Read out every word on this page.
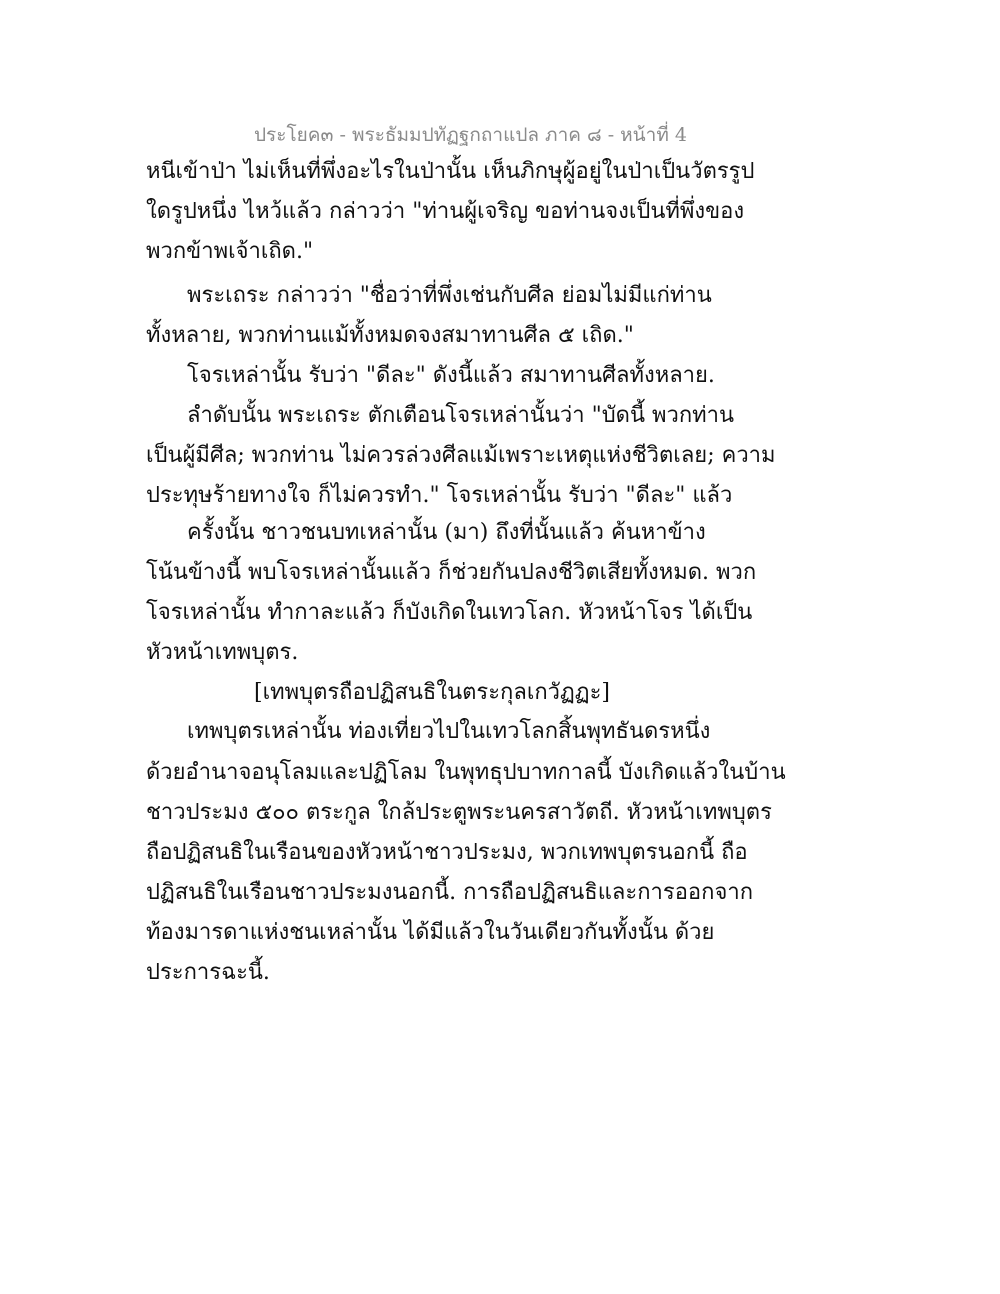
ประโยค๓ - พระธัมมปทัฏฐกถาแปล ภาค ๘ - หน้าที่ 4
หนีเข้าป่า ไม่เห็นที่พึ่งอะไรในป่านั้น เห็นภิกษุผู้อยู่ในป่าเป็นวัตรรูป
ใดรูปหนึ่ง ไหว้แล้ว กล่าวว่า "ท่านผู้เจริญ ขอท่านจงเป็นที่พึ่งของ
พวกข้าพเจ้าเถิด."
พระเถระ กล่าวว่า "ชื่อว่าที่พึ่งเช่นกับศีล ย่อมไม่มีแก่ท่าน
ทั้งหลาย, พวกท่านแม้ทั้งหมดจงสมาทานศีล ๕ เถิด."
โจรเหล่านั้น รับว่า "ดีละ" ดังนี้แล้ว สมาทานศีลทั้งหลาย.
ลำดับนั้น พระเถระ ตักเตือนโจรเหล่านั้นว่า "บัดนี้ พวกท่าน
เป็นผู้มีศีล; พวกท่าน ไม่ควรล่วงศีลแม้เพราะเหตุแห่งชีวิตเลย; ความ
ประทุษร้ายทางใจ ก็ไม่ควรทำ." โจรเหล่านั้น รับว่า "ดีละ" แล้ว
ครั้งนั้น ชาวชนบทเหล่านั้น (มา) ถึงที่นั้นแล้ว ค้นหาข้าง
โน้นข้างนี้ พบโจรเหล่านั้นแล้ว ก็ช่วยกันปลงชีวิตเสียทั้งหมด. พวก
โจรเหล่านั้น ทำกาละแล้ว ก็บังเกิดในเทวโลก. หัวหน้าโจร ได้เป็น
หัวหน้าเทพบุตร.
[เทพบุตรถือปฏิสนธิในตระกุลเกวัฏฏะ]
เทพบุตรเหล่านั้น ท่องเที่ยวไปในเทวโลกสิ้นพุทธันดรหนึ่ง
ด้วยอำนาจอนุโลมและปฏิโลม ในพุทธุปบาทกาลนี้ บังเกิดแล้วในบ้าน
ชาวประมง ๕๐๐ ตระกูล ใกล้ประตูพระนครสาวัตถี. หัวหน้าเทพบุตร
ถือปฏิสนธิในเรือนของหัวหน้าชาวประมง, พวกเทพบุตรนอกนี้ ถือ
ปฏิสนธิในเรือนชาวประมงนอกนี้. การถือปฏิสนธิและการออกจาก
ท้องมารดาแห่งชนเหล่านั้น ได้มีแล้วในวันเดียวกันทั้งนั้น ด้วย
ประการฉะนี้.
